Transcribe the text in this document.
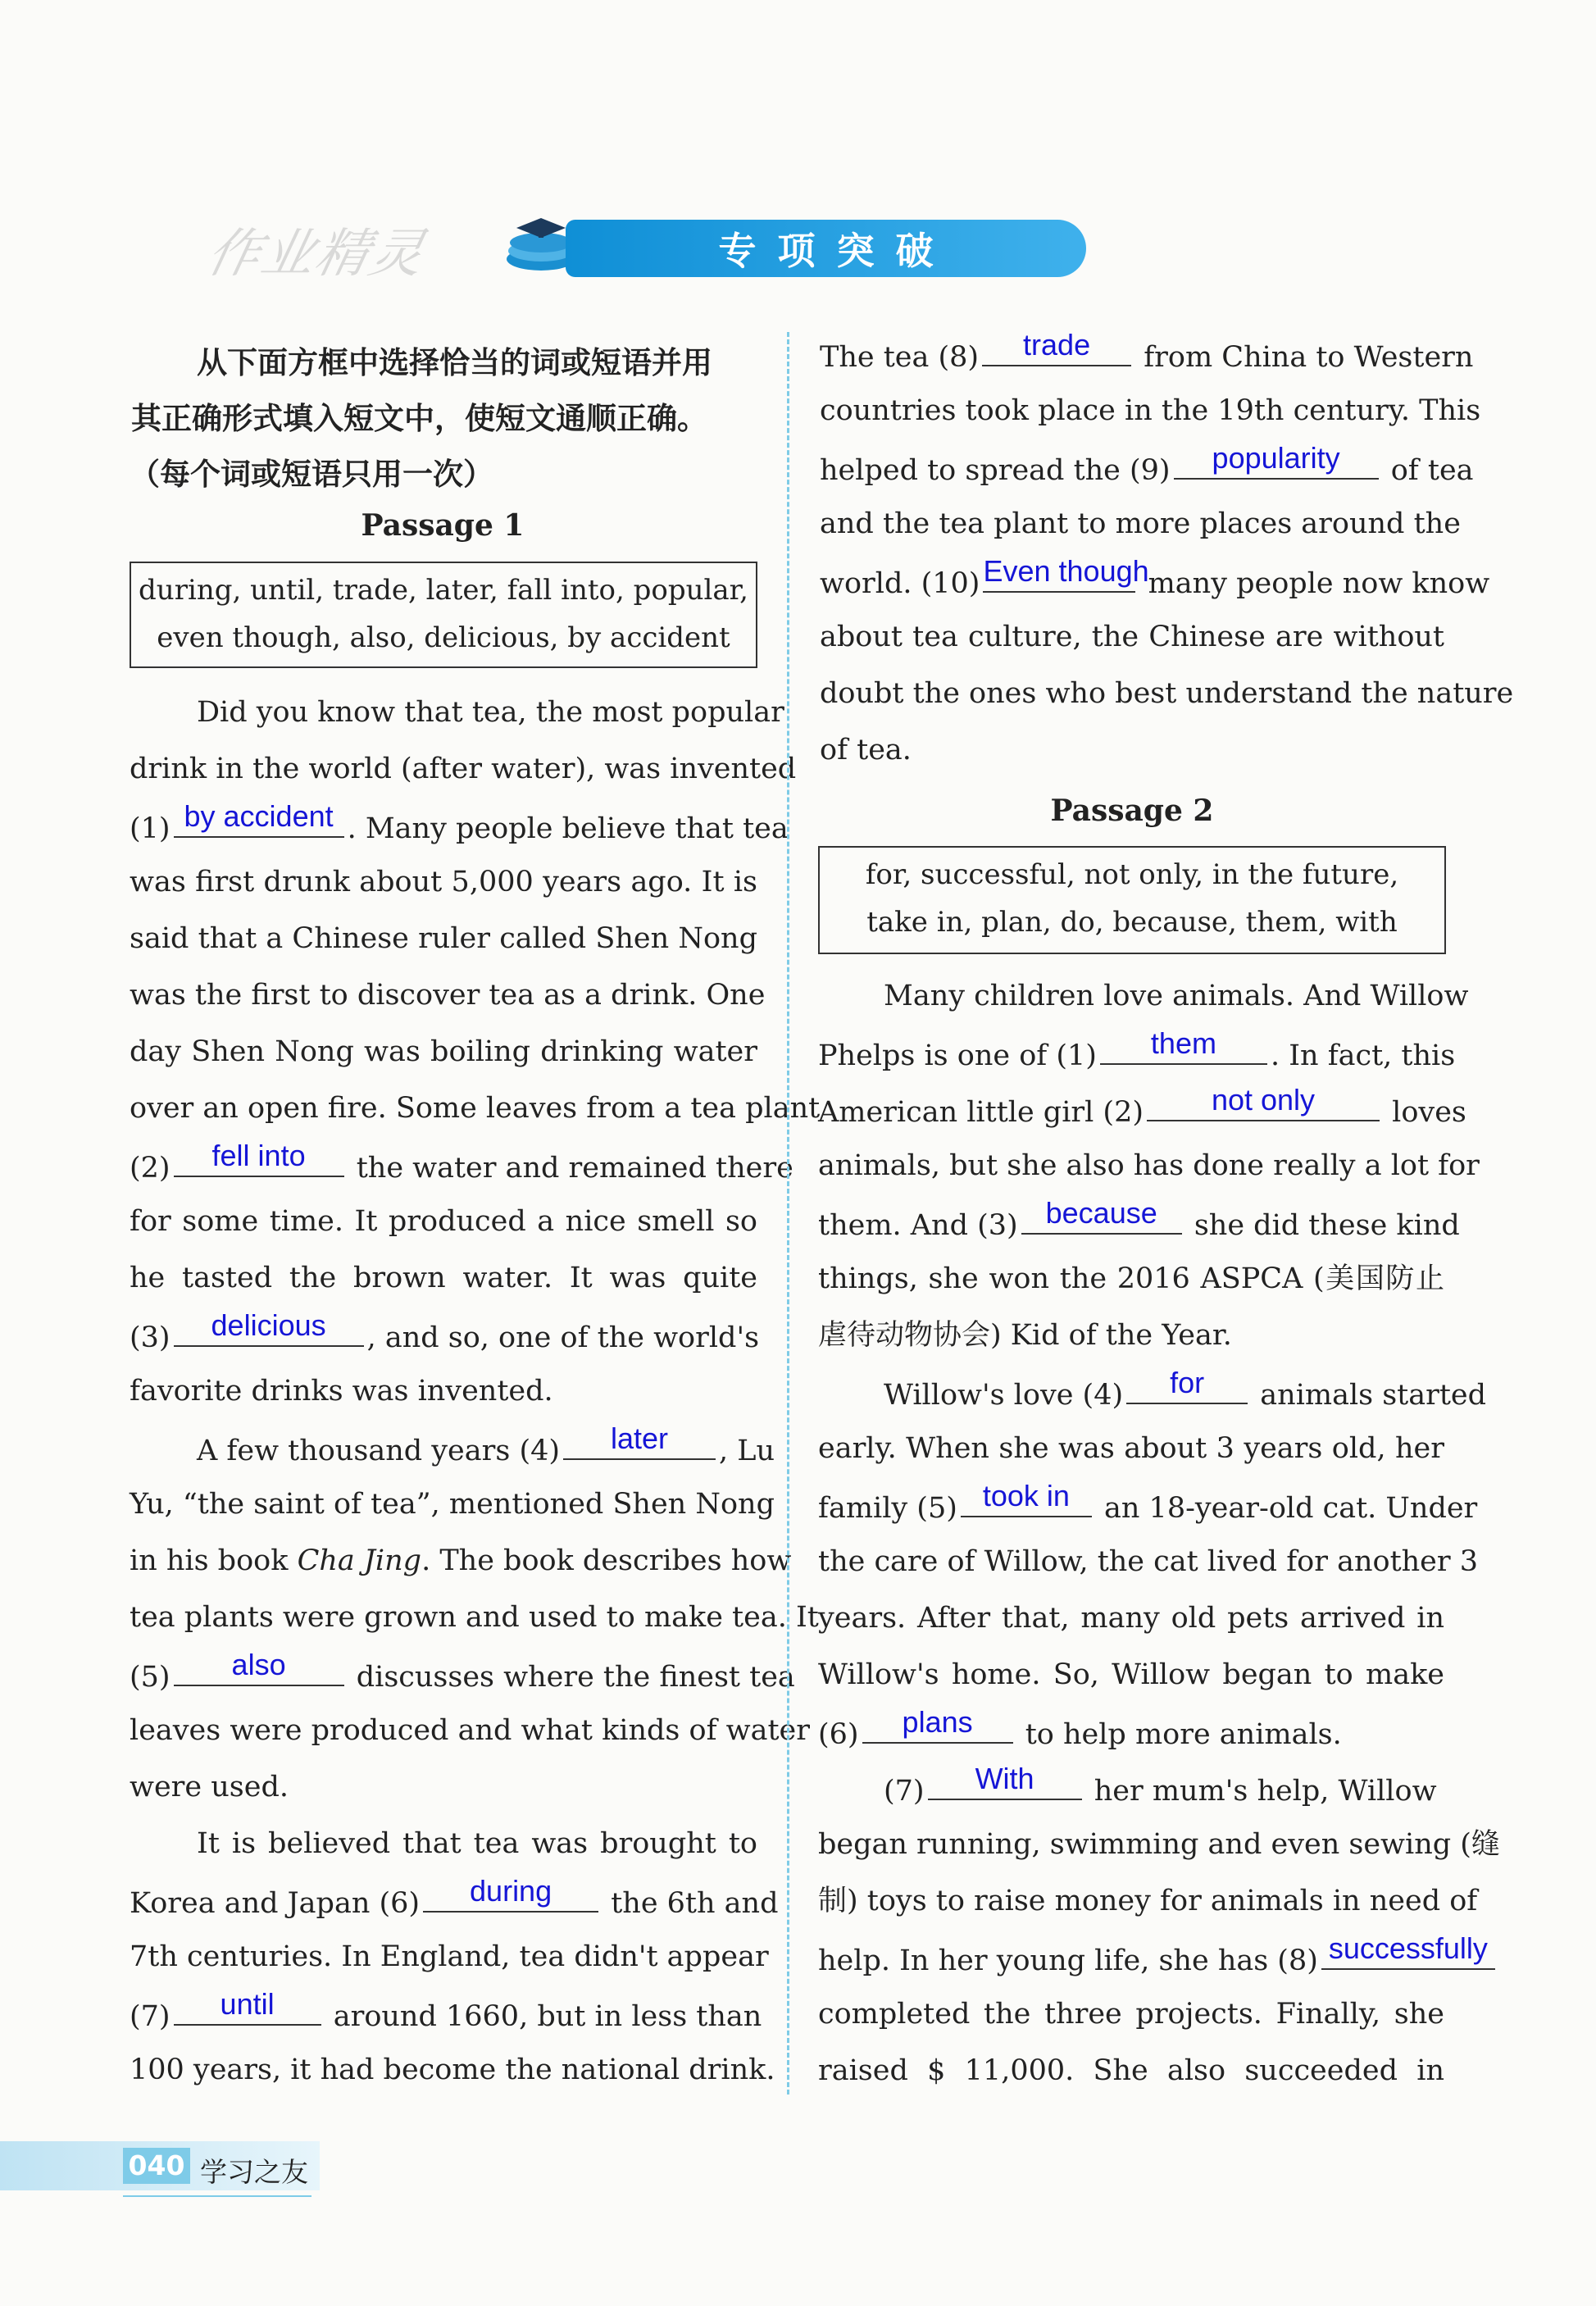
作业精灵	专项突破
从下面方框中选择恰当的词或短语并用
其正确形式填入短文中，使短文通顺正确。
（每个词或短语只用一次）
Passage 1
during, until, trade, later, fall into, popular,
even though, also, delicious, by accident
Did you know that tea, the most popular
drink in the world (after water), was invented
(1) by accident . Many people believe that tea
was first drunk about 5,000 years ago. It is
said that a Chinese ruler called Shen Nong
was the first to discover tea as a drink. One
day Shen Nong was boiling drinking water
over an open fire. Some leaves from a tea plant
(2)	fell into	the water and remained there
for some time. It produced a nice smell so
he tasted the brown water. It was quite
(3)	delicious	, and so, one of the world's
favorite drinks was invented.
A few thousand years (4)	later	, Lu
Yu, “the saint of tea”, mentioned Shen Nong
in his book Cha Jing. The book describes how
tea plants were grown and used to make tea. It
(5)	also	discusses where the finest tea
leaves were produced and what kinds of water
were used.
It is believed that tea was brought to
Korea and Japan (6)	during	the 6th and
7th centuries. In England, tea didn't appear
(7)	until	around 1660, but in less than
100 years, it had become the national drink.
The tea (8)	trade	from China to Western
countries took place in the 19th century. This
helped to spread the (9)	popularity	of tea
and the tea plant to more places around the
world. (10) Even though
many people now know
about tea culture, the Chinese are without
doubt the ones who best understand the nature
of tea.
Passage 2
for, successful, not only, in the future,
take in, plan, do, because, them, with
Many children love animals. And Willow
Phelps is one of (1)	them	. In fact, this
American little girl (2)	not only	loves
animals, but she also has done really a lot for
them. And (3) because	she did these kind
things, she won the 2016 ASPCA (美国防止
虐待动物协会) Kid of the Year.
Willow's love (4)	for	animals started
early. When she was about 3 years old, her
family (5) took in	an 18-year-old cat. Under
the care of Willow, the cat lived for another 3
years. After that, many old pets arrived in
Willow's home. So, Willow began to make
(6)	plans	to help more animals.
(7)	With	her mum's help, Willow
began running, swimming and even sewing (缝
制) toys to raise money for animals in need of
help. In her young life, she has (8) successfully
completed the three projects. Finally, she
raised $ 11,000. She also succeeded in
040 学习之友
